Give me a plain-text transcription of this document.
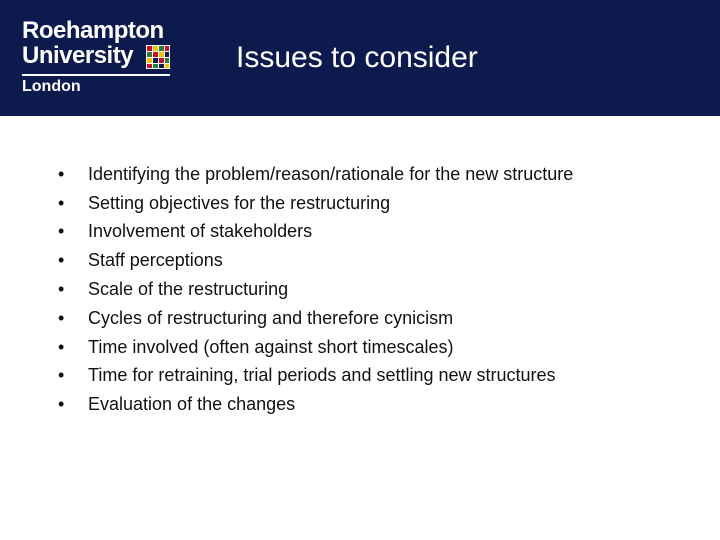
Roehampton
University
London
Issues to consider
•	Identifying the problem/reason/rationale for the new structure
•	Setting objectives for the restructuring
•	Involvement of stakeholders
•	Staff perceptions
•	Scale of the restructuring
•	Cycles of restructuring and therefore cynicism
•	Time involved (often against short timescales)
•	Time for retraining, trial periods and settling new structures
•	Evaluation of the changes
